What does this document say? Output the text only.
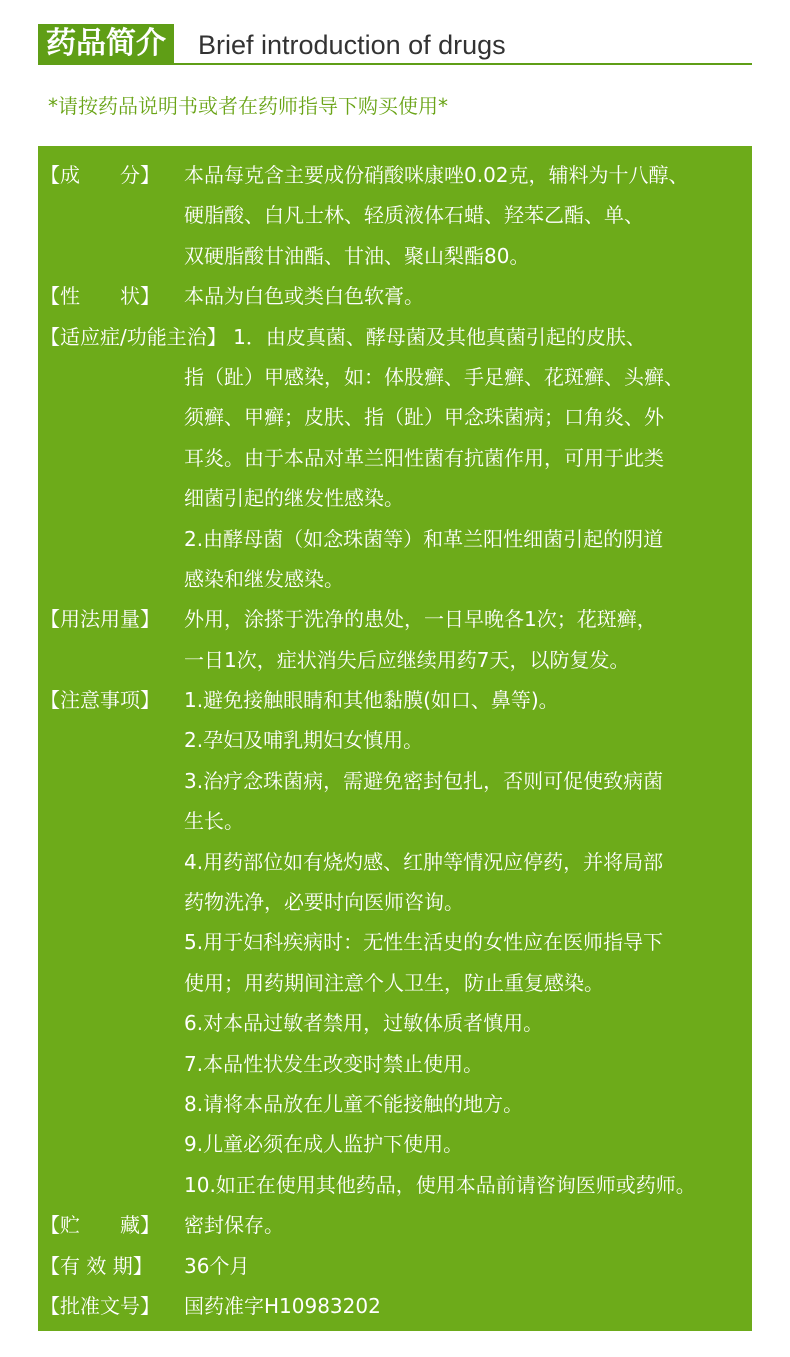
药品简介 Brief introduction of drugs
*请按药品说明书或者在药师指导下购买使用*
【成　　分】 本品每克含主要成份硝酸咪康唑0.02克，辅料为十八醇、
硬脂酸、白凡士林、轻质液体石蜡、羟苯乙酯、单、
双硬脂酸甘油酯、甘油、聚山梨酯80。
【性　　状】 本品为白色或类白色软膏。
【适应症/功能主治】 1．由皮真菌、酵母菌及其他真菌引起的皮肤、
指（趾）甲感染，如：体股癣、手足癣、花斑癣、头癣、
须癣、甲癣；皮肤、指（趾）甲念珠菌病；口角炎、外
耳炎。由于本品对革兰阳性菌有抗菌作用，可用于此类
细菌引起的继发性感染。
2.由酵母菌（如念珠菌等）和革兰阳性细菌引起的阴道
感染和继发感染。
【用法用量】 外用，涂搽于洗净的患处，一日早晚各1次；花斑癣，
一日1次，症状消失后应继续用药7天，以防复发。
【注意事项】 1.避免接触眼睛和其他黏膜(如口、鼻等)。
2.孕妇及哺乳期妇女慎用。
3.治疗念珠菌病，需避免密封包扎，否则可促使致病菌
生长。
4.用药部位如有烧灼感、红肿等情况应停药，并将局部
药物洗净，必要时向医师咨询。
5.用于妇科疾病时：无性生活史的女性应在医师指导下
使用；用药期间注意个人卫生，防止重复感染。
6.对本品过敏者禁用，过敏体质者慎用。
7.本品性状发生改变时禁止使用。
8.请将本品放在儿童不能接触的地方。
9.儿童必须在成人监护下使用。
10.如正在使用其他药品，使用本品前请咨询医师或药师。
【贮　　藏】 密封保存。
【有 效 期】 36个月
【批准文号】 国药准字H10983202
